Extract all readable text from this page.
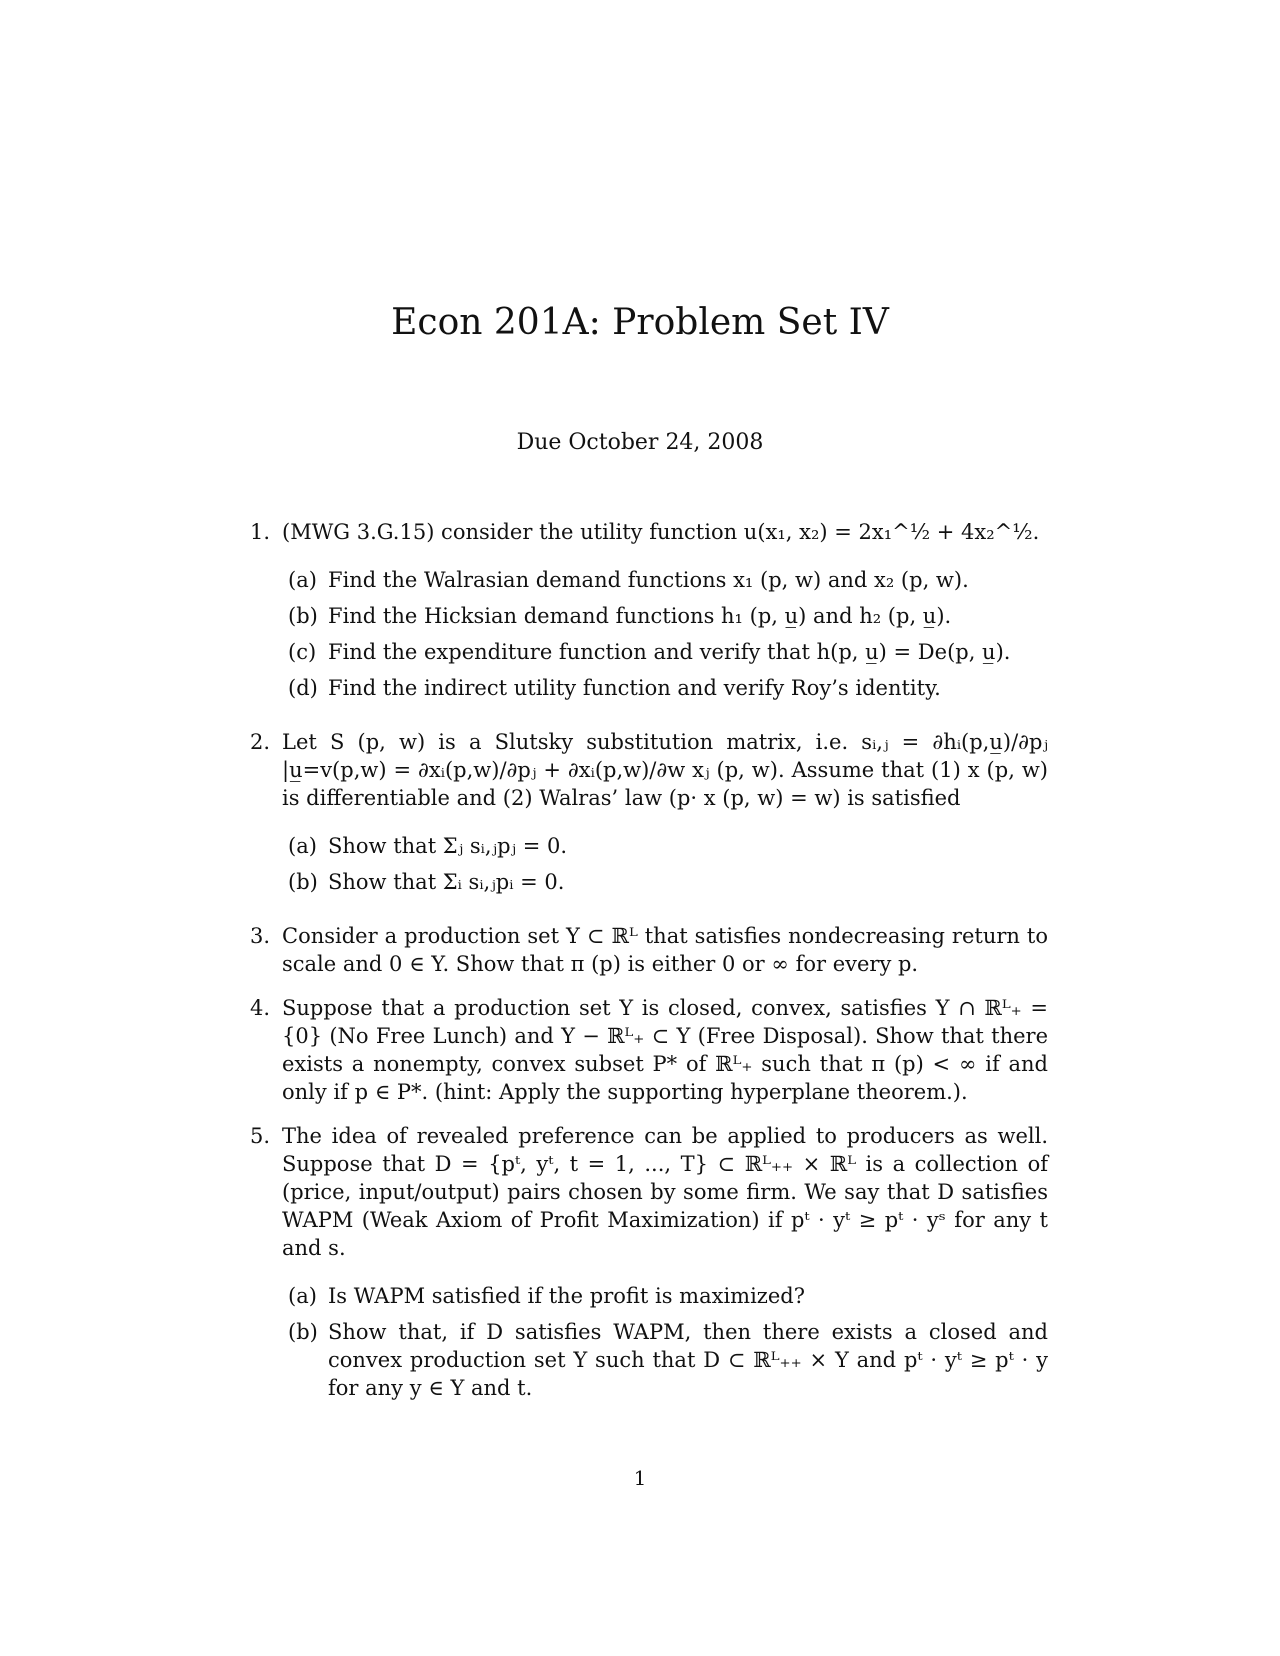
Econ 201A: Problem Set IV
Due October 24, 2008
1. (MWG 3.G.15) consider the utility function u(x₁, x₂) = 2x₁^½ + 4x₂^½.
(a) Find the Walrasian demand functions x₁ (p, w) and x₂ (p, w).
(b) Find the Hicksian demand functions h₁ (p, u̲) and h₂ (p, u̲).
(c) Find the expenditure function and verify that h(p, u̲) = De(p, u̲).
(d) Find the indirect utility function and verify Roy’s identity.
2. Let S (p, w) is a Slutsky substitution matrix, i.e. sᵢ,ⱼ = ∂hᵢ(p,u̲)/∂pⱼ |u̲=v(p,w) = ∂xᵢ(p,w)/∂pⱼ + ∂xᵢ(p,w)/∂w xⱼ (p, w). Assume that (1) x (p, w) is differentiable and (2) Walras’ law (p· x (p, w) = w) is satisfied
(a) Show that Σⱼ sᵢ,ⱼpⱼ = 0.
(b) Show that Σᵢ sᵢ,ⱼpᵢ = 0.
3. Consider a production set Y ⊂ ℝᴸ that satisfies nondecreasing return to scale and 0 ∈ Y. Show that π (p) is either 0 or ∞ for every p.
4. Suppose that a production set Y is closed, convex, satisfies Y ∩ ℝᴸ₊ = {0} (No Free Lunch) and Y − ℝᴸ₊ ⊂ Y (Free Disposal). Show that there exists a nonempty, convex subset P* of ℝᴸ₊ such that π (p) < ∞ if and only if p ∈ P*. (hint: Apply the supporting hyperplane theorem.).
5. The idea of revealed preference can be applied to producers as well. Suppose that D = {pᵗ, yᵗ, t = 1, ..., T} ⊂ ℝᴸ₊₊ × ℝᴸ is a collection of (price, input/output) pairs chosen by some firm. We say that D satisfies WAPM (Weak Axiom of Profit Maximization) if pᵗ · yᵗ ≥ pᵗ · yˢ for any t and s.
(a) Is WAPM satisfied if the profit is maximized?
(b) Show that, if D satisfies WAPM, then there exists a closed and convex production set Y such that D ⊂ ℝᴸ₊₊ × Y and pᵗ · yᵗ ≥ pᵗ · y for any y ∈ Y and t.
1
